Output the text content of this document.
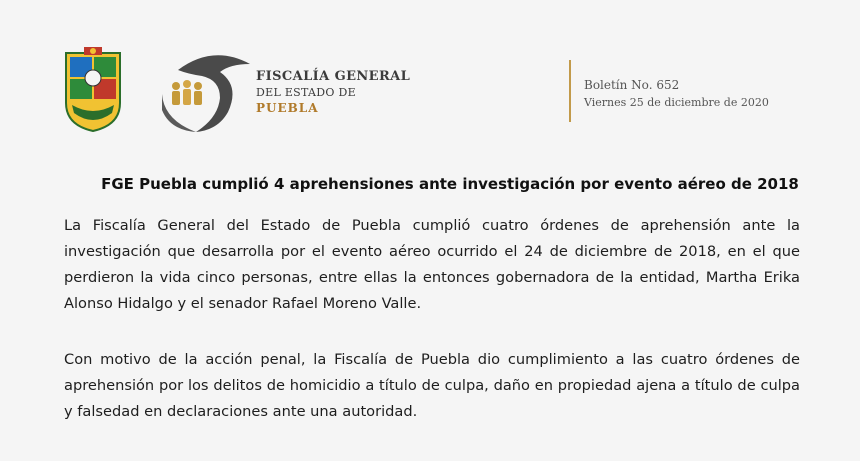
FISCALÍA GENERAL
DEL ESTADO DE
PUEBLA
Boletín No. 652
Viernes 25 de diciembre de 2020
FGE Puebla cumplió 4 aprehensiones ante investigación por evento aéreo de 2018
La Fiscalía General del Estado de Puebla cumplió cuatro órdenes de aprehensión ante la investigación que desarrolla por el evento aéreo ocurrido el 24 de diciembre de 2018, en el que perdieron la vida cinco personas, entre ellas la entonces gobernadora de la entidad, Martha Erika Alonso Hidalgo y el senador Rafael Moreno Valle.
Con motivo de la acción penal, la Fiscalía de Puebla dio cumplimiento a las cuatro órdenes de aprehensión por los delitos de homicidio a título de culpa, daño en propiedad ajena a título de culpa y falsedad en declaraciones ante una autoridad.
